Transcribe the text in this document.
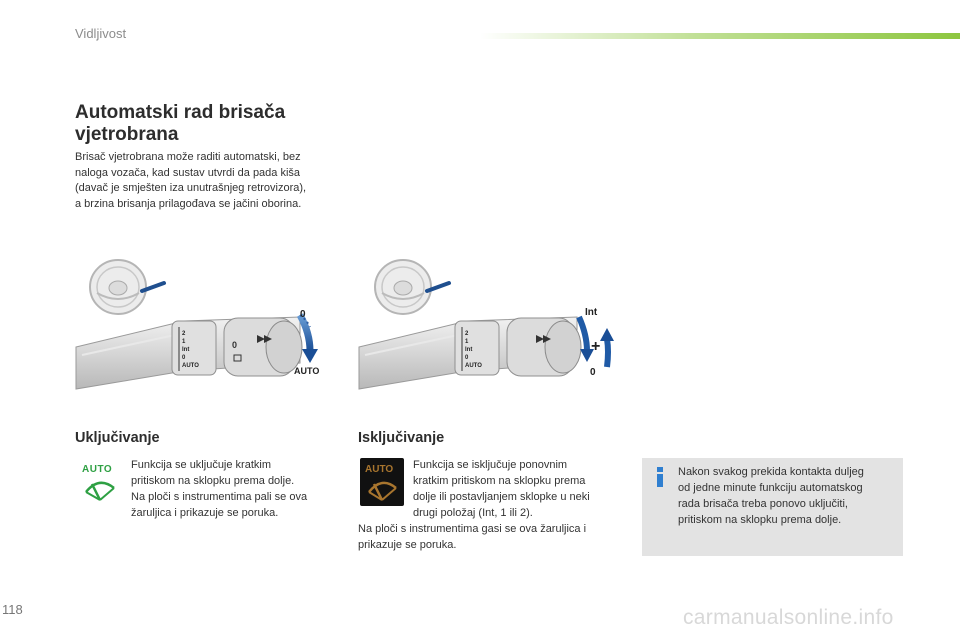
Vidljivost
Automatski rad brisača
vjetrobrana

Brisač vjetrobrana može raditi automatski, bez
naloga vozača, kad sustav utvrdi da pada kiša
(davač je smješten iza unutrašnjeg retrovizora),
a brzina brisanja prilagođava se jačini oborina.

0
2
1
Int
0
AUTO
0
AUTO
2
1
Int
0
AUTO
+
Int
0
Uključivanje
AUTO Funkcija se uključuje kratkim
pritiskom na sklopku prema dolje.
Na ploči s instrumentima pali se ova
žaruljica i prikazuje se poruka.

Isključivanje
AUTO Funkcija se isključuje ponovnim
kratkim pritiskom na sklopku prema
dolje ili postavljanjem sklopke u neki
drugi položaj (Int, 1 ili 2).

Na ploči s instrumentima gasi se ova žaruljica i
prikazuje se poruka.

Nakon svakog prekida kontakta duljeg
od jedne minute funkciju automatskog
rada brisača treba ponovo uključiti,
pritiskom na sklopku prema dolje.

118	carmanualsonline.info
